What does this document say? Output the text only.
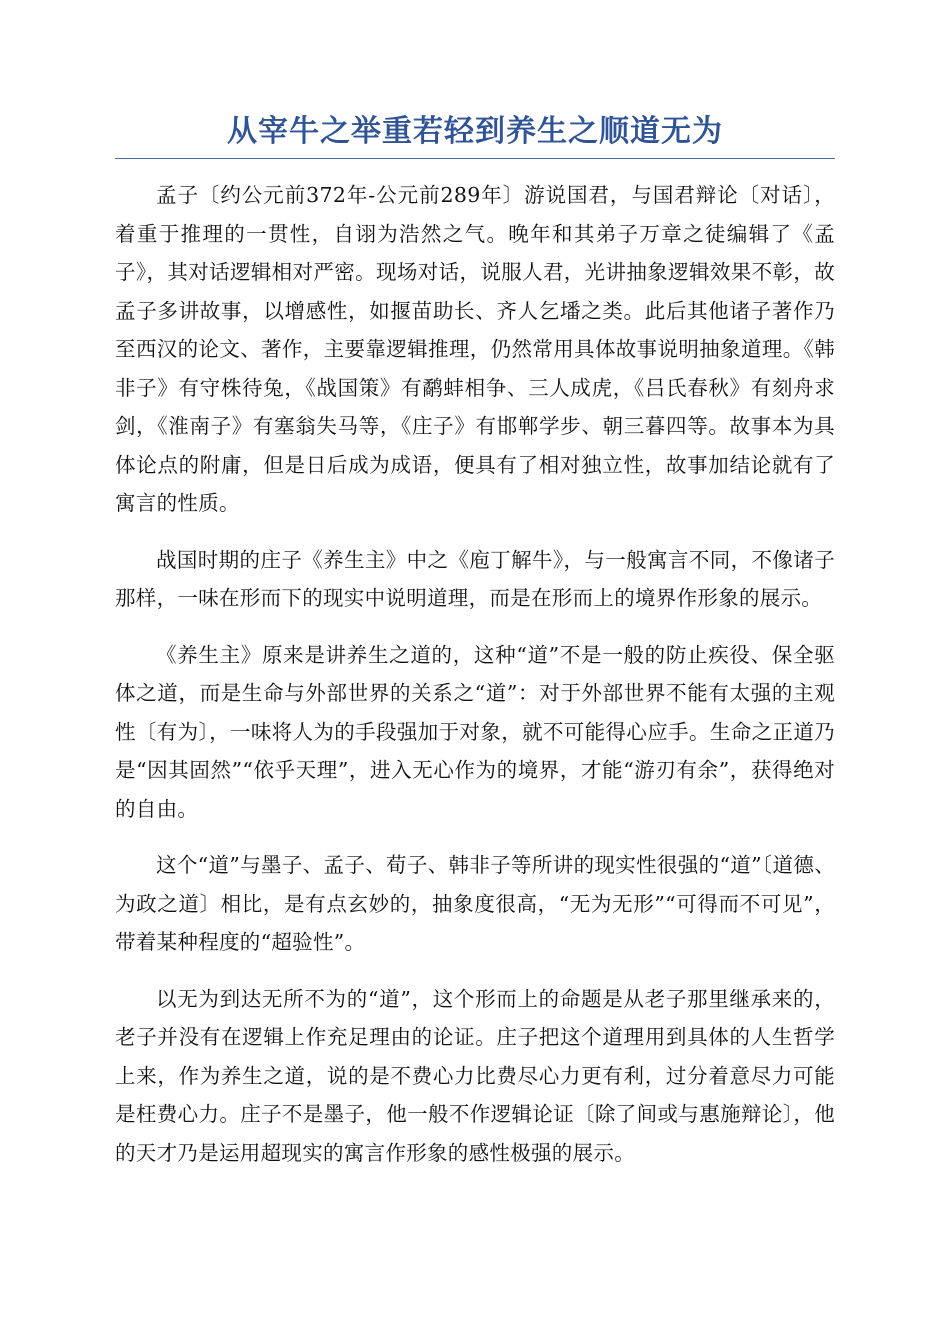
从宰牛之举重若轻到养生之顺道无为

孟子〔约公元前372年-公元前289年〕游说国君，与国君辩论〔对话〕，着重于推理的一贯性，自诩为浩然之气。晚年和其弟子万章之徒编辑了《孟子》，其对话逻辑相对严密。现场对话，说服人君，光讲抽象逻辑效果不彰，故孟子多讲故事，以增感性，如揠苗助长、齐人乞墦之类。此后其他诸子著作乃至西汉的论文、著作，主要靠逻辑推理，仍然常用具体故事说明抽象道理。《韩非子》有守株待兔，《战国策》有鹬蚌相争、三人成虎，《吕氏春秋》有刻舟求剑，《淮南子》有塞翁失马等，《庄子》有邯郸学步、朝三暮四等。故事本为具体论点的附庸，但是日后成为成语，便具有了相对独立性，故事加结论就有了寓言的性质。

战国时期的庄子《养生主》中之《庖丁解牛》，与一般寓言不同，不像诸子那样，一味在形而下的现实中说明道理，而是在形而上的境界作形象的展示。

《养生主》原来是讲养生之道的，这种“道”不是一般的防止疾役、保全驱体之道，而是生命与外部世界的关系之“道”：对于外部世界不能有太强的主观性〔有为〕，一味将人为的手段强加于对象，就不可能得心应手。生命之正道乃是“因其固然”“依乎天理”，进入无心作为的境界，才能“游刃有余”，获得绝对的自由。

这个“道”与墨子、孟子、荀子、韩非子等所讲的现实性很强的“道”〔道德、为政之道〕相比，是有点玄妙的，抽象度很高，“无为无形”“可得而不可见”，带着某种程度的“超验性”。

以无为到达无所不为的“道”，这个形而上的命题是从老子那里继承来的，老子并没有在逻辑上作充足理由的论证。庄子把这个道理用到具体的人生哲学上来，作为养生之道，说的是不费心力比费尽心力更有利，过分着意尽力可能是枉费心力。庄子不是墨子，他一般不作逻辑论证〔除了间或与惠施辩论〕，他的天才乃是运用超现实的寓言作形象的感性极强的展示。
